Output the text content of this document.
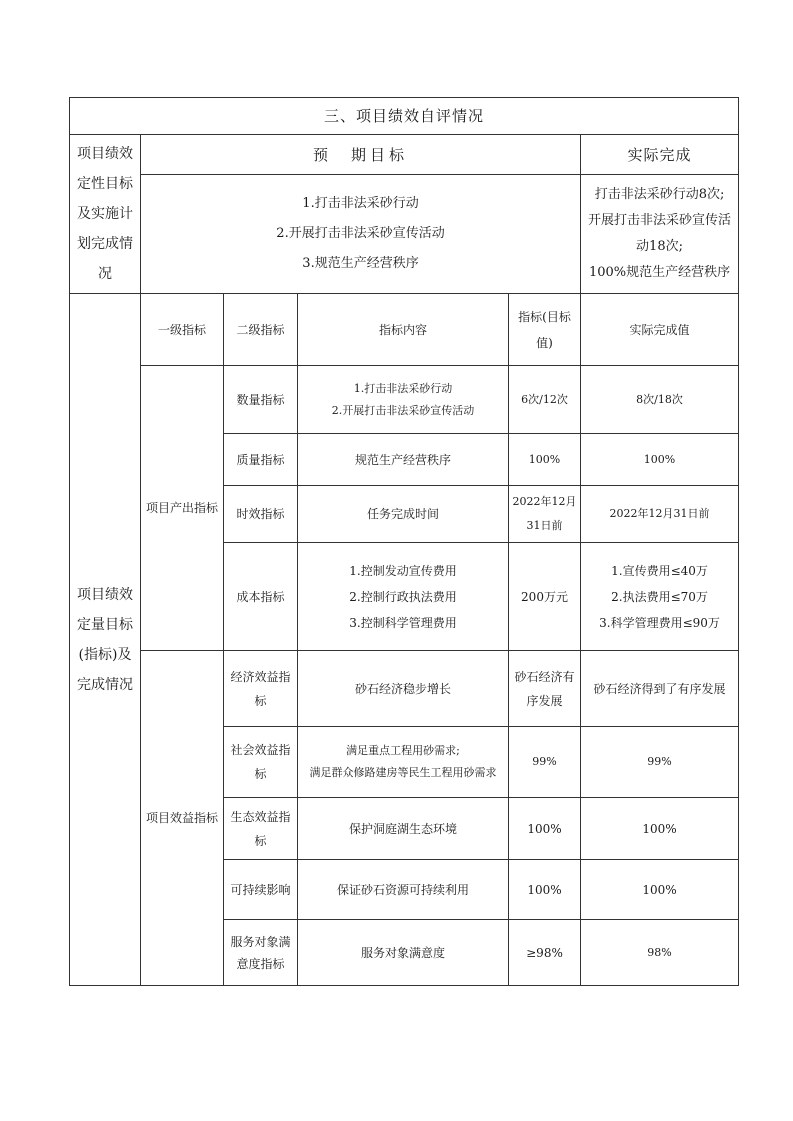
三、项目绩效自评情况					
项目绩效定性目标及实施计划完成情况	预　期目标				实际完成

	1.打击非法采砂行动
2.开展打击非法采砂宣传活动
3.规范生产经营秩序				打击非法采砂行动8次;
开展打击非法采砂宣传活动18次;
100%规范生产经营秩序

项目绩效定量目标(指标)及完成情况	一级指标	二级指标	指标内容	指标(目标值)	实际完成值
	项目产出指标	数量指标	1.打击非法采砂行动
2.开展打击非法采砂宣传活动	6次/12次	8次/18次
		质量指标	规范生产经营秩序	100%	100%
		时效指标	任务完成时间	2022年12月31日前	2022年12月31日前
		成本指标	1.控制发动宣传费用
2.控制行政执法费用
3.控制科学管理费用	200万元	1.宣传费用≤40万
2.执法费用≤70万
3.科学管理费用≤90万

	项目效益指标	经济效益指标	砂石经济稳步增长	砂石经济有序发展	砂石经济得到了有序发展
		社会效益指标	满足重点工程用砂需求;
满足群众修路建房等民生工程用砂需求	99%	99%
		生态效益指标	保护洞庭湖生态环境	100%	100%
		可持续影响	保证砂石资源可持续利用	100%	100%
		服务对象满意度指标	服务对象满意度	≥98%	98%
